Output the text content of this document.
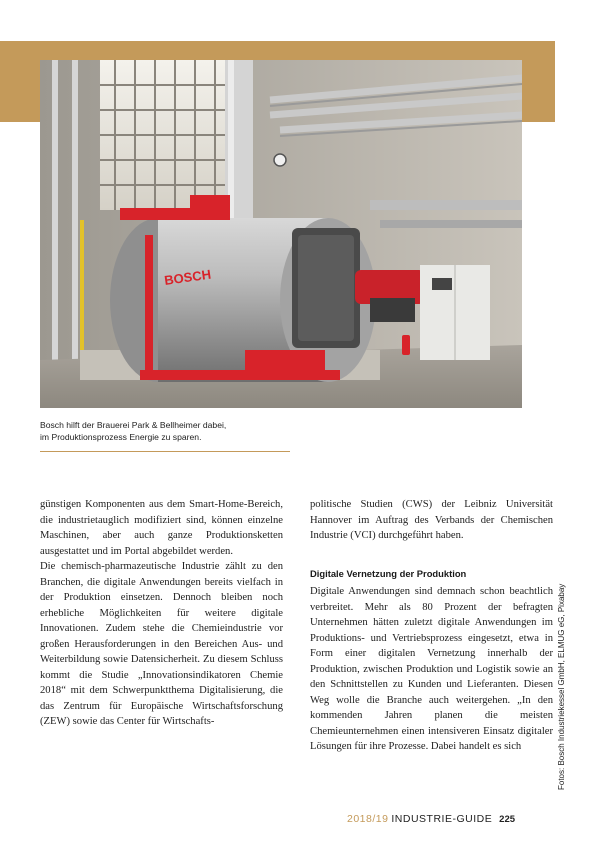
BOSCH
Bosch hilft der Brauerei Park & Bellheimer dabei,
im Produktionsprozess Energie zu sparen.

günstigen Komponenten aus dem Smart-Home-Bereich, die industrietauglich modifiziert sind, können einzelne Maschinen, aber auch ganze Produktionsketten ausgestattet und im Portal abgebildet werden.

Die chemisch-pharmazeutische Industrie zählt zu den Branchen, die digitale Anwendungen bereits vielfach in der Produktion einsetzen. Dennoch bleiben noch erhebliche Möglichkeiten für weitere digitale Innovationen. Zudem stehe die Chemieindustrie vor großen Herausforderungen in den Bereichen Aus- und Weiterbildung sowie Datensicherheit. Zu diesem Schluss kommt die Studie „Innovationsindikatoren Chemie 2018“ mit dem Schwerpunktthema Digitalisierung, die das Zentrum für Europäische Wirtschaftsforschung (ZEW) sowie das Center für Wirtschafts-

politische Studien (CWS) der Leibniz Universität Hannover im Auftrag des Verbands der Chemischen Industrie (VCI) durchgeführt haben.

Digitale Vernetzung der Produktion

Digitale Anwendungen sind demnach schon beachtlich verbreitet. Mehr als 80 Prozent der befragten Unternehmen hätten zuletzt digitale Anwendungen im Produktions- und Vertriebsprozess eingesetzt, etwa in Form einer digitalen Vernetzung innerhalb der Produktion, zwischen Produktion und Logistik sowie an den Schnittstellen zu Kunden und Lieferanten. Diesen Weg wolle die Branche auch weitergehen. „In den kommenden Jahren planen die meisten Chemieunternehmen einen intensiveren Einsatz digitaler Lösungen für ihre Prozesse. Dabei handelt es sich	Fotos: Bosch Industriekessel GmbH, ELMUG eG, Pixabay
2018/19 INDUSTRIE-GUIDE 225
